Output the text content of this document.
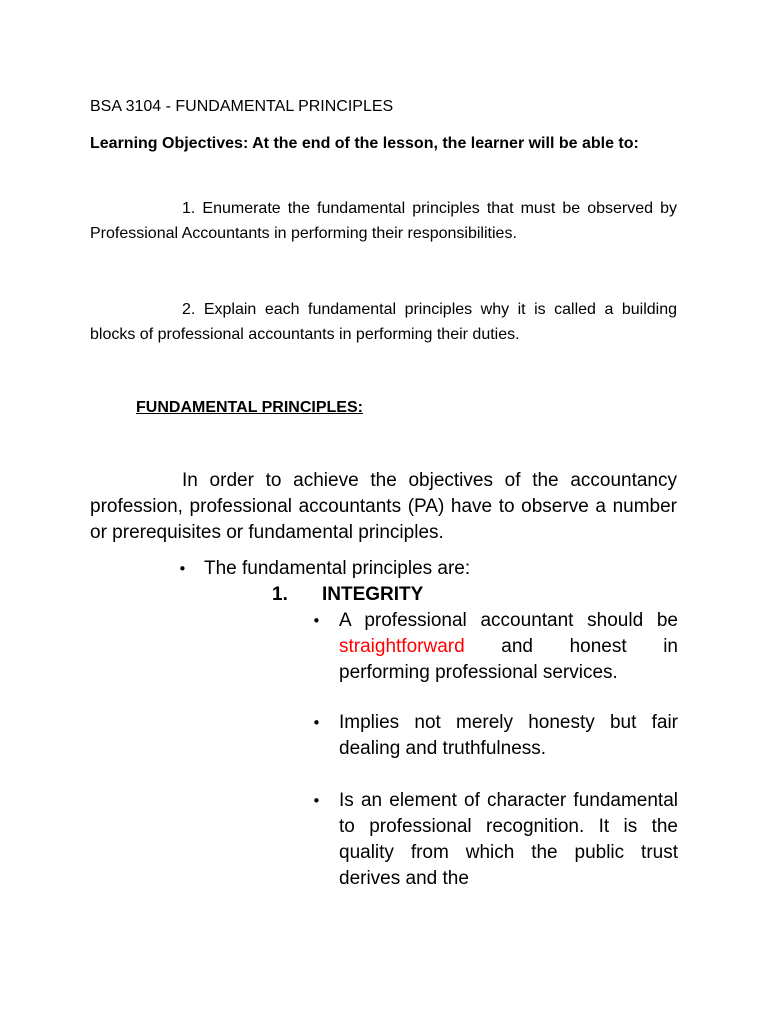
BSA 3104 - FUNDAMENTAL PRINCIPLES

Learning Objectives: At the end of the lesson, the learner will be able to:

1. Enumerate the fundamental principles that must be observed by Professional Accountants in performing their responsibilities.

2. Explain each fundamental principles why it is called a building blocks of professional accountants in performing their duties.

FUNDAMENTAL PRINCIPLES:

In order to achieve the objectives of the accountancy profession, professional accountants (PA) have to observe a number or prerequisites or fundamental principles.

• The fundamental principles are:
1. INTEGRITY
• A professional accountant should be straightforward and honest in performing professional services.
• Implies not merely honesty but fair dealing and truthfulness.
• Is an element of character fundamental to professional recognition. It is the quality from which the public trust derives and the
